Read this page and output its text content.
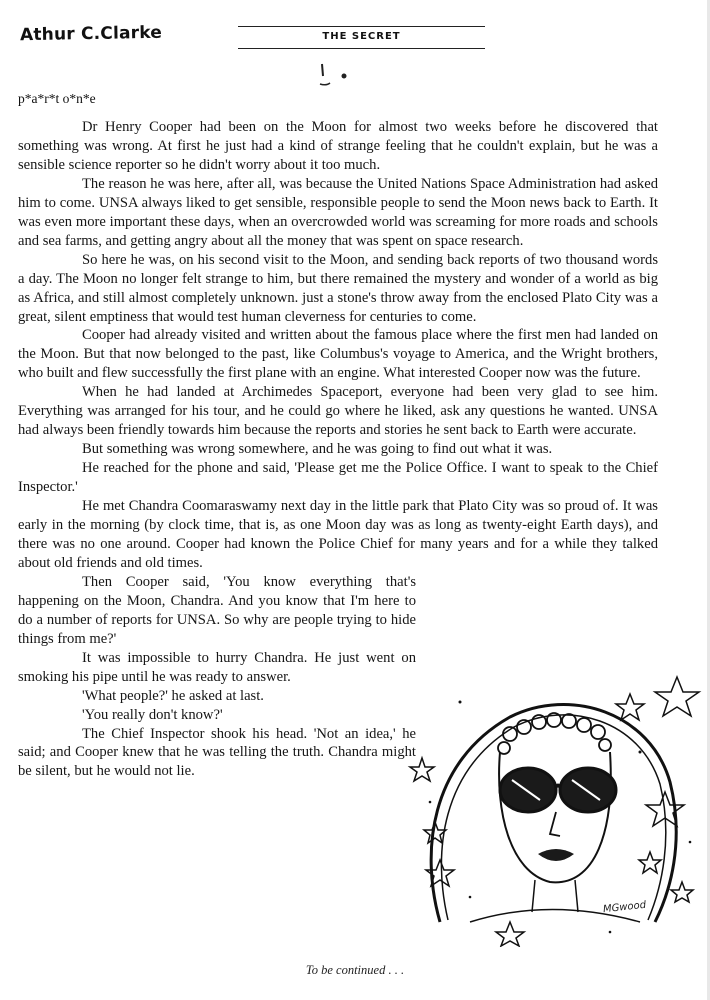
Athur C.Clarke	THE SECRET
p*a*r*t o*n*e

Dr Henry Cooper had been on the Moon for almost two weeks before he discovered that something was wrong. At first he just had a kind of strange feeling that he couldn't explain, but he was a sensible science reporter so he didn't worry about it too much.

The reason he was here, after all, was because the United Nations Space Administration had asked him to come. UNSA always liked to get sensible, responsible people to send the Moon news back to Earth. It was even more important these days, when an overcrowded world was screaming for more roads and schools and sea farms, and getting angry about all the money that was spent on space research.

So here he was, on his second visit to the Moon, and sending back reports of two thousand words a day. The Moon no longer felt strange to him, but there remained the mystery and wonder of a world as big as Africa, and still almost completely unknown. just a stone's throw away from the enclosed Plato City was a great, silent emptiness that would test human cleverness for centuries to come.

Cooper had already visited and written about the famous place where the first men had landed on the Moon. But that now belonged to the past, like Columbus's voyage to America, and the Wright brothers, who built and flew successfully the first plane with an engine. What interested Cooper now was the future.

When he had landed at Archimedes Spaceport, everyone had been very glad to see him. Everything was arranged for his tour, and he could go where he liked, ask any questions he wanted. UNSA had always been friendly towards him because the reports and stories he sent back to Earth were accurate.

But something was wrong somewhere, and he was going to find out what it was.

He reached for the phone and said, 'Please get me the Police Office. I want to speak to the Chief Inspector.'

He met Chandra Coomaraswamy next day in the little park that Plato City was so proud of. It was early in the morning (by clock time, that is, as one Moon day was as long as twenty-eight Earth days), and there was no one around. Cooper had known the Police Chief for many years and for a while they talked about old friends and old times.

Then Cooper said, 'You know everything that's happening on the Moon, Chandra. And you know that I'm here to do a number of reports for UNSA. So why are people trying to hide things from me?'

It was impossible to hurry Chandra. He just went on smoking his pipe until he was ready to answer.

'What people?' he asked at last.

'You really don't know?'

The Chief Inspector shook his head. 'Not an idea,' he said; and Cooper knew that he was telling the truth. Chandra might be silent, but he would not lie.

MGwood
To be continued . . .
